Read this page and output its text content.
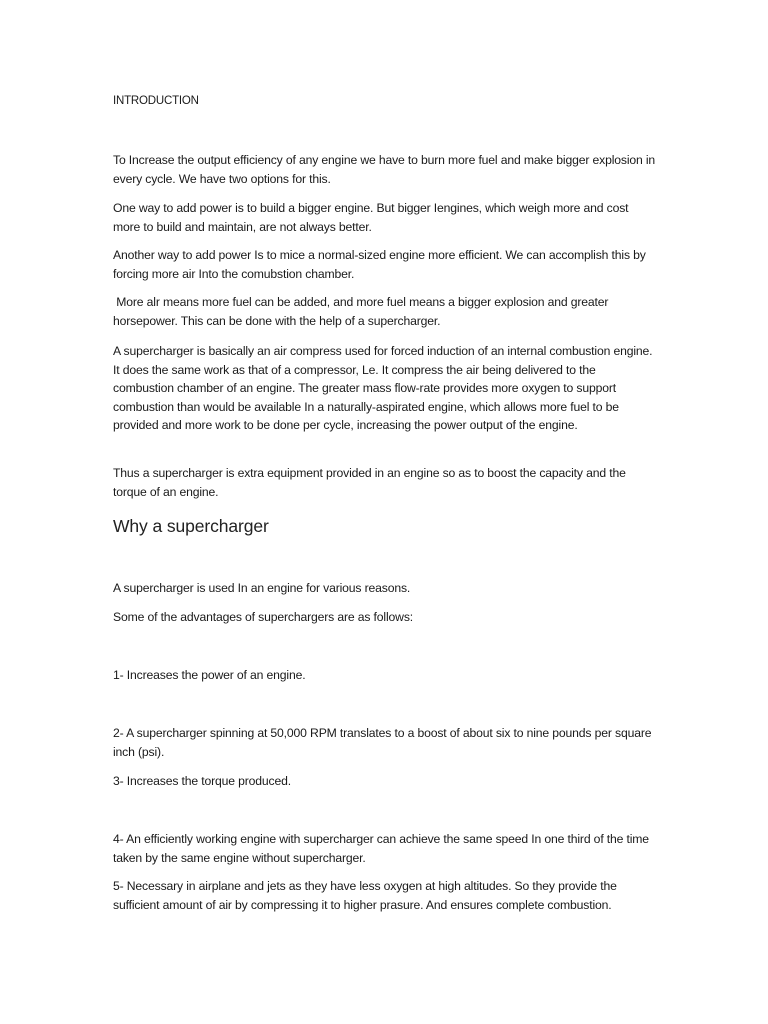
INTRODUCTION

To Increase the output efficiency of any engine we have to burn more fuel and make bigger explosion in every cycle. We have two options for this.

One way to add power is to build a bigger engine. But bigger Iengines, which weigh more and cost more to build and maintain, are not always better.

Another way to add power Is to mice a normal-sized engine more efficient. We can accomplish this by forcing more air Into the comubstion chamber.

More alr means more fuel can be added, and more fuel means a bigger explosion and greater horsepower. This can be done with the help of a supercharger.

A supercharger is basically an air compress used for forced induction of an internal combustion engine. It does the same work as that of a compressor, Le. It compress the air being delivered to the combustion chamber of an engine. The greater mass flow-rate provides more oxygen to support combustion than would be available In a naturally-aspirated engine, which allows more fuel to be provided and more work to be done per cycle, increasing the power output of the engine.

Thus a supercharger is extra equipment provided in an engine so as to boost the capacity and the torque of an engine.

Why a supercharger

A supercharger is used In an engine for various reasons.

Some of the advantages of superchargers are as follows:

1- Increases the power of an engine.

2- A supercharger spinning at 50,000 RPM translates to a boost of about six to nine pounds per square inch (psi).

3- Increases the torque produced.

4- An efficiently working engine with supercharger can achieve the same speed In one third of the time taken by the same engine without supercharger.

5- Necessary in airplane and jets as they have less oxygen at high altitudes. So they provide the sufficient amount of air by compressing it to higher prasure. And ensures complete combustion.
